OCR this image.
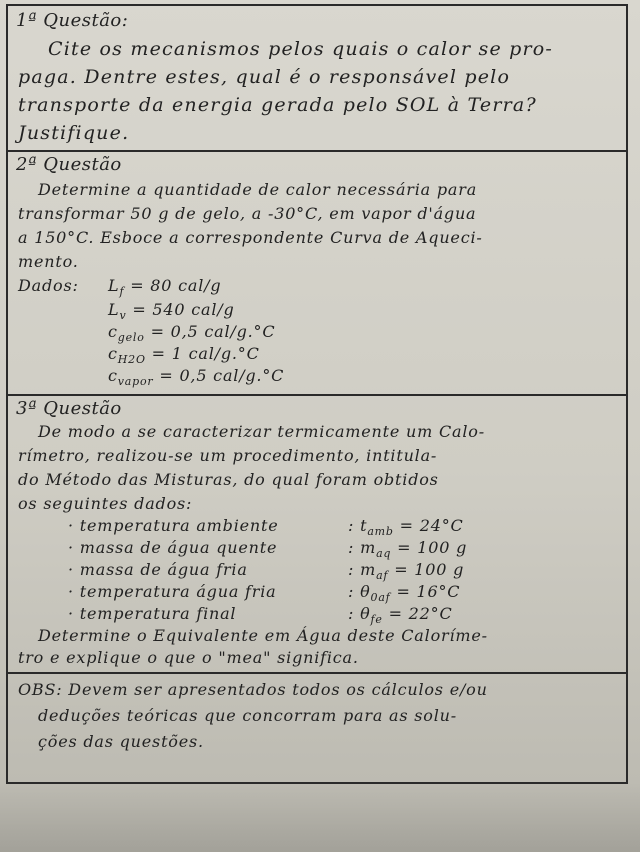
1ª Questão:
Cite os mecanismos pelos quais o calor se pro-
paga. Dentre estes, qual é o responsável pelo
transporte da energia gerada pelo SOL à Terra?
Justifique.
2ª Questão
Determine a quantidade de calor necessária para
transformar 50 g de gelo, a -30°C, em vapor d'água
a 150°C. Esboce a correspondente Curva de Aqueci-
mento.
Dados: $L_f = 80$ cal/g
$L_v = 540$ cal/g
$c_{gelo} = 0,5$ cal/g.°C
$c_{H2O} = 1$ cal/g.°C
$c_{vapor} = 0,5$ cal/g.°C
3ª Questão
De modo a se caracterizar termicamente um Calo-
rímetro, realizou-se um procedimento, intitula-
do Método das Misturas, do qual foram obtidos
os seguintes dados:
· temperatura ambiente	: $t_{amb} = 24^\circ C$
· massa de água quente	: $m_{aq} = 100$ g
· massa de água fria	: $m_{af} = 100$ g
· temperatura água fria	: $\theta_{0af} = 16^\circ C$
· temperatura final	: $\theta_{fe} = 22^\circ C$
Determine o Equivalente em Água deste Calorímе-
tro e explique o que o "mea" significa.
OBS: Devem ser apresentados todos os cálculos e/ou
deduções teóricas que concorram para as solu-
ções das questões.
